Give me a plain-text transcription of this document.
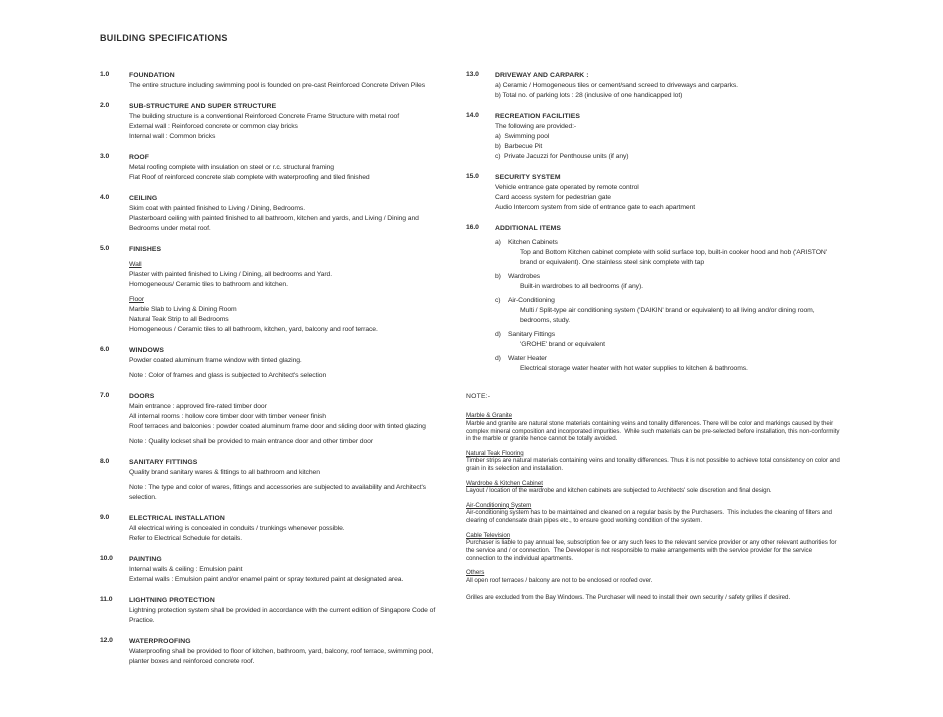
BUILDING SPECIFICATIONS
1.0	FOUNDATION
The entire structure including swimming pool is founded on pre-cast Reinforced Concrete Driven Piles
2.0	SUB-STRUCTURE AND SUPER STRUCTURE
The building structure is a conventional Reinforced Concrete Frame Structure with metal roof
External wall : Reinforced concrete or common clay bricks
Internal wall : Common bricks
3.0	ROOF
Metal roofing complete with insulation on steel or r.c. structural framing
Flat Roof of reinforced concrete slab complete with waterproofing and tiled finished
4.0	CEILING
Skim coat with painted finished to Living / Dining, Bedrooms.
Plasterboard ceiling with painted finished to all bathroom, kitchen and yards, and Living / Dining and Bedrooms under metal roof.
5.0	FINISHES
Wall
Plaster with painted finished to Living / Dining, all bedrooms and Yard.
Homogeneous/ Ceramic tiles to bathroom and kitchen.
Floor
Marble Slab to Living & Dining Room
Natural Teak Strip to all Bedrooms
Homogeneous / Ceramic tiles to all bathroom, kitchen, yard, balcony and roof terrace.
6.0	WINDOWS
Powder coated aluminum frame window with tinted glazing.
Note : Color of frames and glass is subjected to Architect's selection
7.0	DOORS
Main entrance : approved fire-rated timber door
All internal rooms : hollow core timber door with timber veneer finish
Roof terraces and balconies : powder coated aluminum frame door and sliding door with tinted glazing
Note : Quality lockset shall be provided to main entrance door and other timber door
8.0	SANITARY FITTINGS
Quality brand sanitary wares & fittings to all bathroom and kitchen
Note : The type and color of wares, fittings and accessories are subjected to availability and Architect's selection.
9.0	ELECTRICAL INSTALLATION
All electrical wiring is concealed in conduits / trunkings whenever possible.
Refer to Electrical Schedule for details.
10.0	PAINTING
Internal walls & ceiling : Emulsion paint
External walls : Emulsion paint and/or enamel paint or spray textured paint at designated area.
11.0	LIGHTNING PROTECTION
Lightning protection system shall be provided in accordance with the current edition of Singapore Code of Practice.
12.0	WATERPROOFING
Waterproofing shall be provided to floor of kitchen, bathroom, yard, balcony, roof terrace, swimming pool, planter boxes and reinforced concrete roof.
13.0	DRIVEWAY AND CARPARK :
a) Ceramic / Homogeneous tiles or cement/sand screed to driveways and carparks.
b) Total no. of parking lots : 28 (inclusive of one handicapped lot)
14.0	RECREATION FACILITIES
The following are provided:-
a)  Swimming pool
b)  Barbecue Pit
c)  Private Jacuzzi for Penthouse units (if any)
15.0	SECURITY SYSTEM
Vehicle entrance gate operated by remote control
Card access system for pedestrian gate
Audio Intercom system from side of entrance gate to each apartment
16.0	ADDITIONAL ITEMS
a)	Kitchen Cabinets
Top and Bottom Kitchen cabinet complete with solid surface top, built-in cooker hood and hob ('ARISTON' brand or equivalent). One stainless steel sink complete with tap
b)	Wardrobes
Built-in wardrobes to all bedrooms (if any).
c)	Air-Conditioning
Multi / Split-type air conditioning system ('DAIKIN' brand or equivalent) to all living and/or dining room, bedrooms, study.
d)	Sanitary Fittings
'GROHE' brand or equivalent
d)	Water Heater
Electrical storage water heater with hot water supplies to kitchen & bathrooms.
NOTE:-
Marble & Granite
Marble and granite are natural stone materials containing veins and tonality differences. There will be color and markings caused by their complex mineral composition and incorporated impurities.  While such materials can be pre-selected before installation, this non-conformity in the marble or granite hence cannot be totally avoided.
Natural Teak Flooring
Timber strips are natural materials containing veins and tonality differences. Thus it is not possible to achieve total consistency on color and grain in its selection and installation.
Wardrobe & Kitchen Cabinet
Layout / location of the wardrobe and kitchen cabinets are subjected to Architects' sole discretion and final design.
Air-Conditioning System
Air-conditioning system has to be maintained and cleaned on a regular basis by the Purchasers.  This includes the cleaning of filters and clearing of condensate drain pipes etc., to ensure good working condition of the system.
Cable Television
Purchaser is liable to pay annual fee, subscription fee or any such fees to the relevant service provider or any other relevant authorities for the service and / or connection.  The Developer is not responsible to make arrangements with the service provider for the service connection to the individual apartments.
Others
All open roof terraces / balcony are not to be enclosed or roofed over.
Grilles are excluded from the Bay Windows. The Purchaser will need to install their own security / safety grilles if desired.
